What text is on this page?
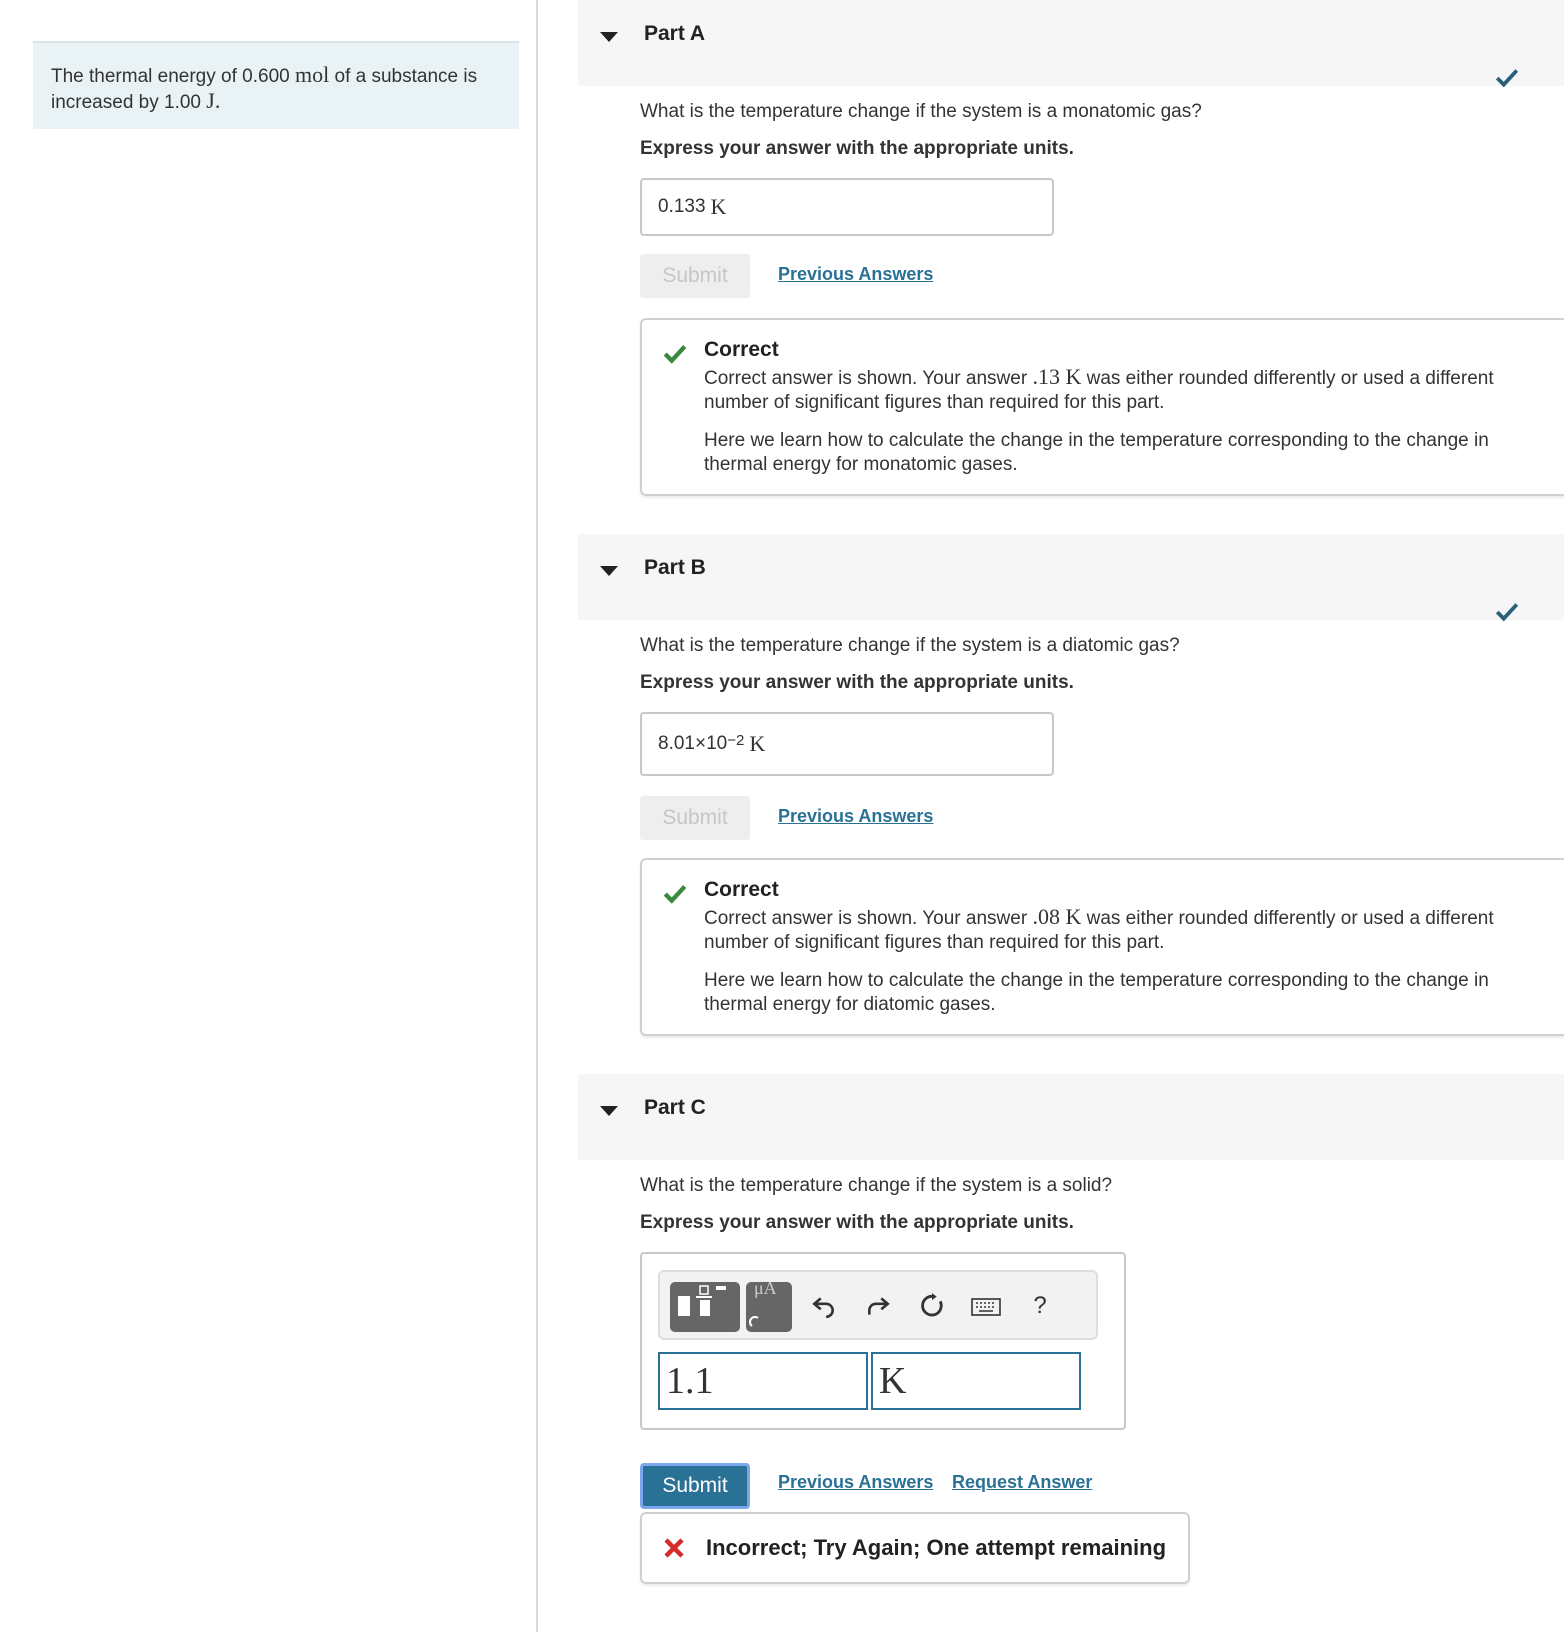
The thermal energy of 0.600 mol of a substance is increased by 1.00 J.
Part A
What is the temperature change if the system is a monatomic gas?
Express your answer with the appropriate units.
0.133 K
Submit	Previous Answers
Correct
Correct answer is shown. Your answer .13 K was either rounded differently or used a different number of significant figures than required for this part.
Here we learn how to calculate the change in the temperature corresponding to the change in thermal energy for monatomic gases.
Part B
What is the temperature change if the system is a diatomic gas?
Express your answer with the appropriate units.
$8.01\times 10^{-2}$ K
Submit	Previous Answers
Correct
Correct answer is shown. Your answer .08 K was either rounded differently or used a different number of significant figures than required for this part.
Here we learn how to calculate the change in the temperature corresponding to the change in thermal energy for diatomic gases.
Part C
What is the temperature change if the system is a solid?
Express your answer with the appropriate units.
μA
?
1.1	K
Submit	Previous Answers Request Answer
Incorrect; Try Again; One attempt remaining
